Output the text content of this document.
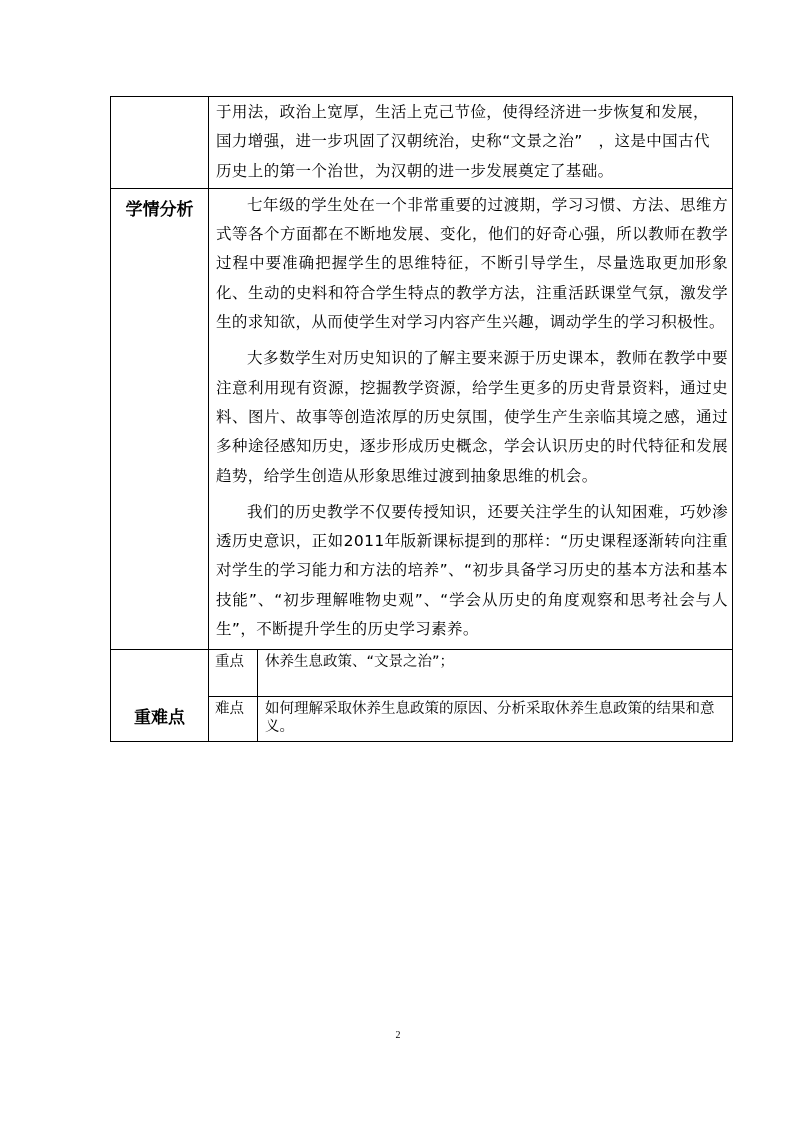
于用法，政治上宽厚，生活上克己节俭，使得经济进一步恢复和发展，

国力增强，进一步巩固了汉朝统治，史称“文景之治”　，这是中国古代

历史上的第一个治世，为汉朝的进一步发展奠定了基础。

学情分析	七年级的学生处在一个非常重要的过渡期，学习习惯、方法、思维方式等各个方面都在不断地发展、变化，他们的好奇心强，所以教师在教学过程中要准确把握学生的思维特征，不断引导学生，尽量选取更加形象化、生动的史料和符合学生特点的教学方法，注重活跃课堂气氛，激发学生的求知欲，从而使学生对学习内容产生兴趣，调动学生的学习积极性。

大多数学生对历史知识的了解主要来源于历史课本，教师在教学中要注意利用现有资源，挖掘教学资源，给学生更多的历史背景资料，通过史料、图片、故事等创造浓厚的历史氛围，使学生产生亲临其境之感，通过多种途径感知历史，逐步形成历史概念，学会认识历史的时代特征和发展趋势，给学生创造从形象思维过渡到抽象思维的机会。

我们的历史教学不仅要传授知识，还要关注学生的认知困难，巧妙渗透历史意识，正如2011年版新课标提到的那样：“历史课程逐渐转向注重对学生的学习能力和方法的培养”、“初步具备学习历史的基本方法和基本技能”、“初步理解唯物史观”、“学会从历史的角度观察和思考社会与人生”，不断提升学生的历史学习素养。

重难点	
重点	休养生息政策、“文景之治”；
难点	如何理解采取休养生息政策的原因、分析采取休养生息政策的结果和意义。
2
